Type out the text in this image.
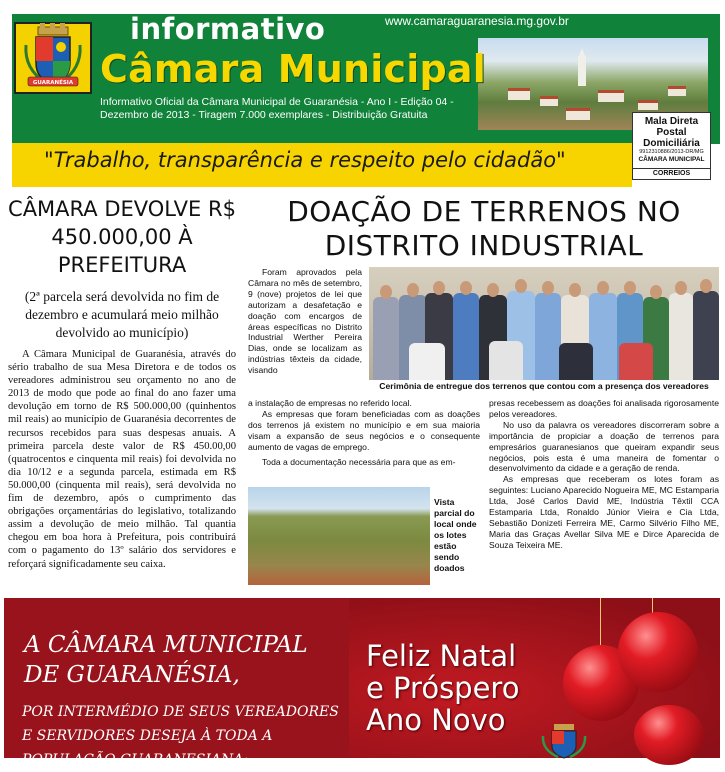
GUARANÉSIA
www.camaraguaranesia.mg.gov.br
informativo
Câmara Municipal
Informativo Oficial da Câmara Municipal de Guaranésia - Ano I - Edição 04 -
Dezembro de 2013 - Tiragem 7.000 exemplares - Distribuição Gratuita
"Trabalho, transparência e respeito pelo cidadão"
Mala Direta
Postal
Domiciliária
9912310886/2013-DR/MG
CÂMARA MUNICIPAL
CORREIOS
CÂMARA DEVOLVE R$ 450.000,00 À PREFEITURA
(2ª parcela será devolvida no fim de dezembro e acumulará meio milhão devolvido ao município)
A Câmara Municipal de Guaranésia, através do sério trabalho de sua Mesa Diretora e de todos os vereadores administrou seu orçamento no ano de 2013 de modo que pode ao final do ano fazer uma devolução em torno de R$ 500.000,00 (quinhentos mil reais) ao município de Guaranésia decorrentes de recursos recebidos para suas despesas anuais. A primeira parcela deste valor de R$ 450.00,00 (quatrocentos e cinquenta mil reais) foi devolvida no dia 10/12 e a segunda parcela, estimada em R$ 50.000,00 (cinquenta mil reais), será devolvida no fim de dezembro, após o cumprimento das obrigações orçamentárias do legislativo, totalizando assim a devolução de meio milhão. Tal quantia chegou em boa hora à Prefeitura, pois contribuirá com o pagamento do 13º salário dos servidores e reforçará significadamente seu caixa.
DOAÇÃO DE TERRENOS NO DISTRITO INDUSTRIAL
Cerimônia de entregue dos terrenos que contou com a presença dos vereadores
Foram aprovados pela Câmara no mês de setembro, 9 (nove) projetos de lei que autorizam a desafetação e doação com encargos de áreas específicas no Distrito Industrial Werther Pereira Dias, onde se localizam as indústrias têxteis da cidade, visando

a instalação de empresas no referido local.

As empresas que foram beneficiadas com as doações dos terrenos já existem no município e em sua maioria visam a expansão de seus negócios e o consequente aumento de vagas de emprego.

Toda a documentação necessária para que as em-

Vista parcial do local onde os lotes estão sendo doados

presas recebessem as doações foi analisada rigorosamente pelos vereadores.

No uso da palavra os vereadores discorreram sobre a importância de propiciar a doação de terrenos para empresários guaranesianos que queiram expandir seus negócios, pois esta é uma maneira de fomentar o desenvolvimento da cidade e a geração de renda.

As empresas que receberam os lotes foram as seguintes: Luciano Aparecido Nogueira ME, MC Estamparia Ltda, José Carlos David ME, Indústria Têxtil CCA Estamparia Ltda, Ronaldo Júnior Vieira e Cia Ltda, Sebastião Donizeti Ferreira ME, Carmo Silvério Filho ME, Maria das Graças Avellar Silva ME e Dirce Aparecida de Souza Teixeira ME.

A CÂMARA MUNICIPAL
DE GUARANÉSIA,
POR INTERMÉDIO DE SEUS VEREADORES
E SERVIDORES DESEJA À TODA A
POPULAÇÃO GUARANESIANA:
Feliz Natal
e Próspero
Ano Novo
